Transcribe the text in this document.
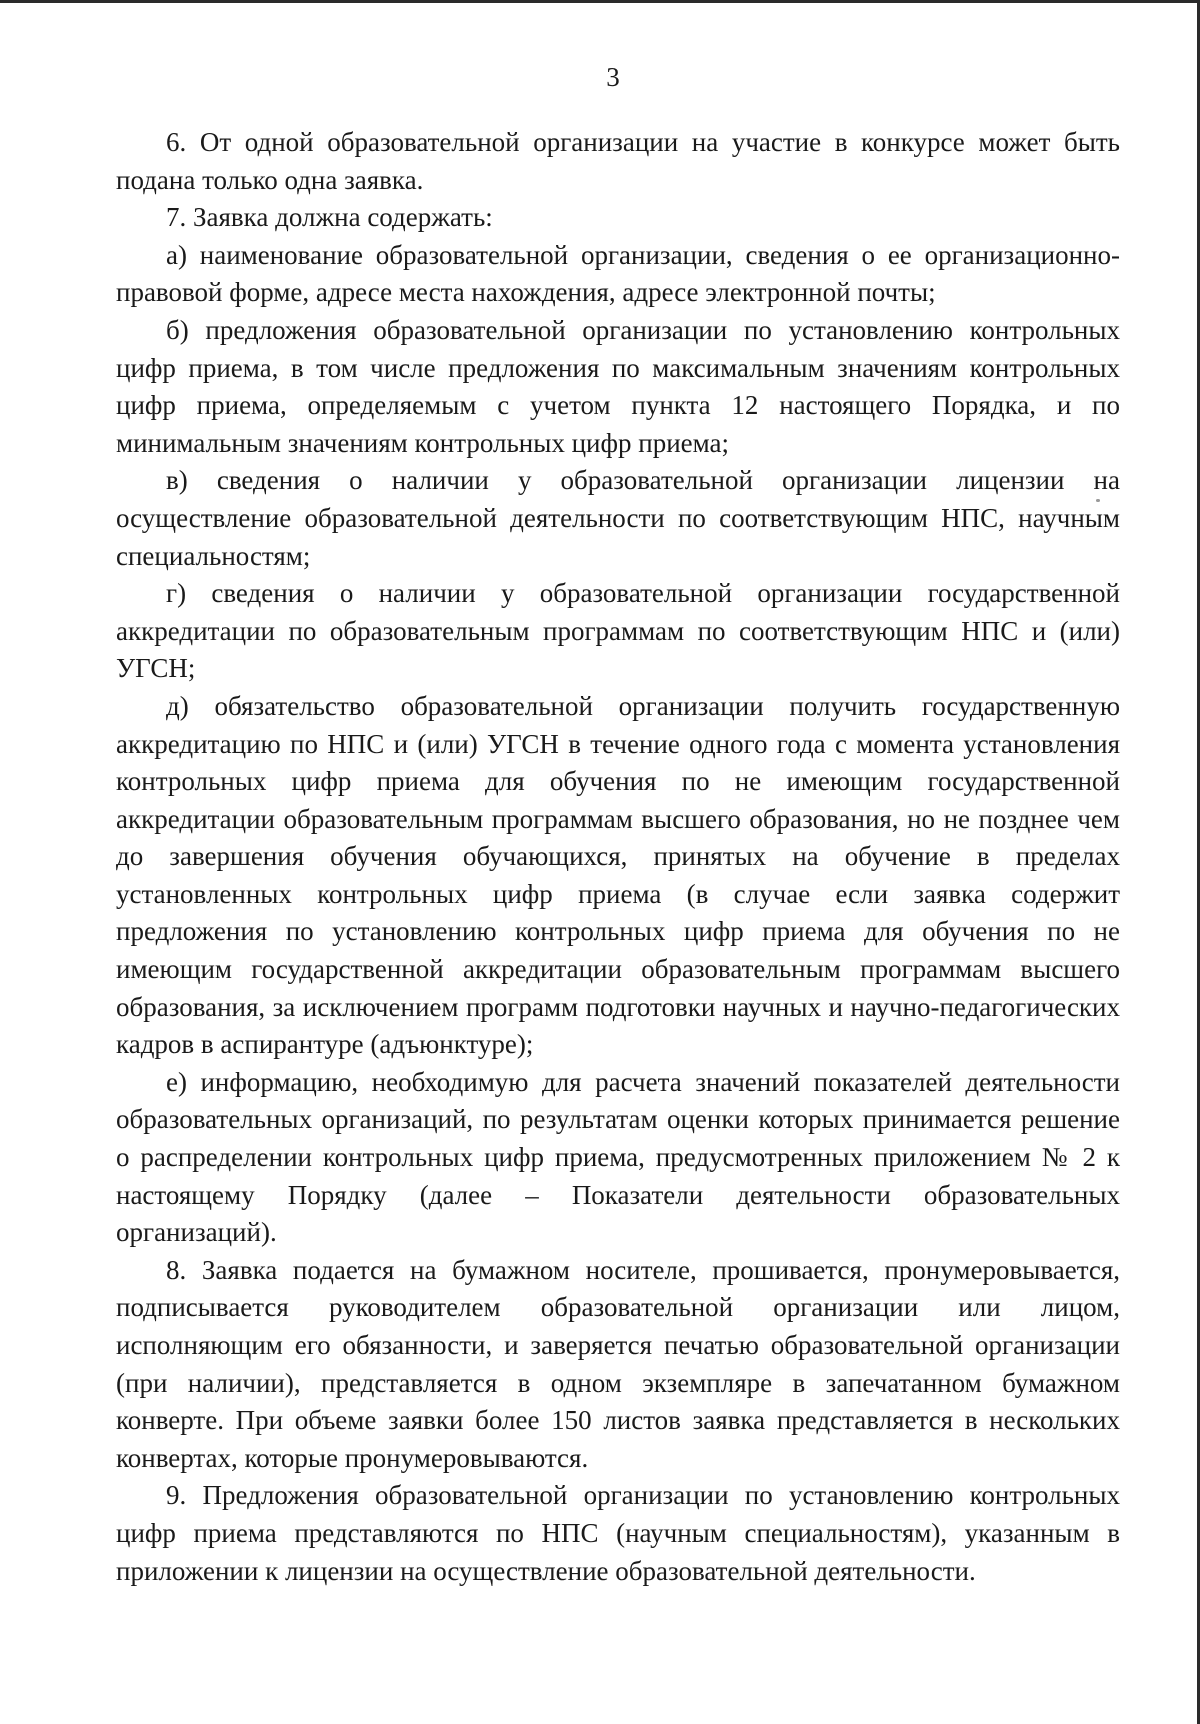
3

6. От одной образовательной организации на участие в конкурсе может быть подана только одна заявка.

7. Заявка должна содержать:

а) наименование образовательной организации, сведения о ее организационно-правовой форме, адресе места нахождения, адресе электронной почты;

б) предложения образовательной организации по установлению контрольных цифр приема, в том числе предложения по максимальным значениям контрольных цифр приема, определяемым с учетом пункта 12 настоящего Порядка, и по минимальным значениям контрольных цифр приема;

в) сведения о наличии у образовательной организации лицензии на осуществление образовательной деятельности по соответствующим НПС, научным специальностям;

г) сведения о наличии у образовательной организации государственной аккредитации по образовательным программам по соответствующим НПС и (или) УГСН;

д) обязательство образовательной организации получить государственную аккредитацию по НПС и (или) УГСН в течение одного года с момента установления контрольных цифр приема для обучения по не имеющим государственной аккредитации образовательным программам высшего образования, но не позднее чем до завершения обучения обучающихся, принятых на обучение в пределах установленных контрольных цифр приема (в случае если заявка содержит предложения по установлению контрольных цифр приема для обучения по не имеющим государственной аккредитации образовательным программам высшего образования, за исключением программ подготовки научных и научно-педагогических кадров в аспирантуре (адъюнктуре);

е) информацию, необходимую для расчета значений показателей деятельности образовательных организаций, по результатам оценки которых принимается решение о распределении контрольных цифр приема, предусмотренных приложением № 2 к настоящему Порядку (далее – Показатели деятельности образовательных организаций).

8. Заявка подается на бумажном носителе, прошивается, пронумеровывается, подписывается руководителем образовательной организации или лицом, исполняющим его обязанности, и заверяется печатью образовательной организации (при наличии), представляется в одном экземпляре в запечатанном бумажном конверте. При объеме заявки более 150 листов заявка представляется в нескольких конвертах, которые пронумеровываются.

9. Предложения образовательной организации по установлению контрольных цифр приема представляются по НПС (научным специальностям), указанным в приложении к лицензии на осуществление образовательной деятельности.
